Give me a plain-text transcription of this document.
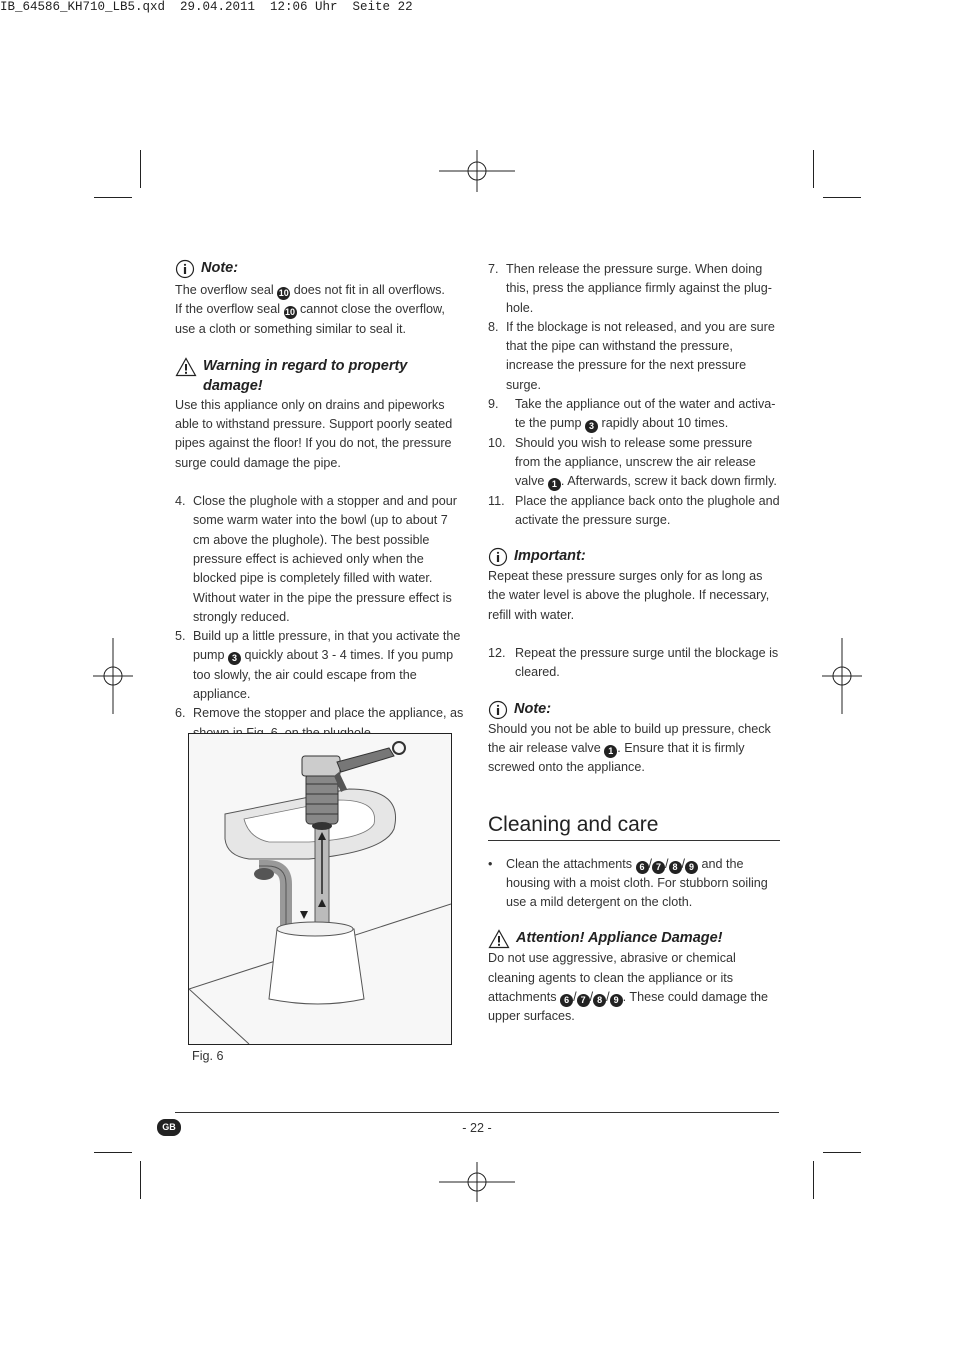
IB_64586_KH710_LB5.qxd  29.04.2011  12:06 Uhr  Seite 22
Note:

The overflow seal 10 does not fit in all overflows.
If the overflow seal 10 cannot close the overflow,
use a cloth or something similar to seal it.

Warning in regard to property damage!

Use this appliance only on drains and pipeworks able to withstand pressure. Support poorly seated pipes against the floor! If you do not, the pressure surge could damage the pipe.

4. Close the plughole with a stopper and and pour some warm water into the bowl (up to about 7 cm above the plughole). The best possible pressure effect is achieved only when the blocked pipe is completely filled with water. Without water in the pipe the pressure effect is strongly reduced.
5. Build up a little pressure, in that you activate the pump 3 quickly about 3 - 4 times. If you pump too slowly, the air could escape from the appliance.
6. Remove the stopper and place the appliance, as
Fig. 6
7. Then release the pressure surge. When doing this, press the appliance firmly against the plug-hole.
8. If the blockage is not released, and you are sure that the pipe can withstand the pressure, increase the pressure for the next pressure surge.
9.	Take the appliance out of the water and activa-te the pump 3 rapidly about 10 times.
10. Should you wish to release some pressure from the appliance, unscrew the air release valve 1 . Afterwards, screw it back down firmly.
11. Place the appliance back onto the plughole and activate the pressure surge.
Important:

Repeat these pressure surges only for as long as the water level is above the plughole. If necessary, refill with water.

12. Repeat the pressure surge until the blockage is cleared.
Note:

Should you not be able to build up pressure, check the air release valve 1 . Ensure that it is firmly screwed onto the appliance.

Cleaning and care
•	Clean the attachments 6 / 7 / 8 / 9 and the housing with a moist cloth. For stubborn soiling use a mild detergent on the cloth.
Attention! Appliance Damage!

Do not use aggressive, abrasive or chemical cleaning agents to clean the appliance or its attachments 6 / 7 / 8 / 9 . These could damage the upper surfaces.

GB	- 22 -
